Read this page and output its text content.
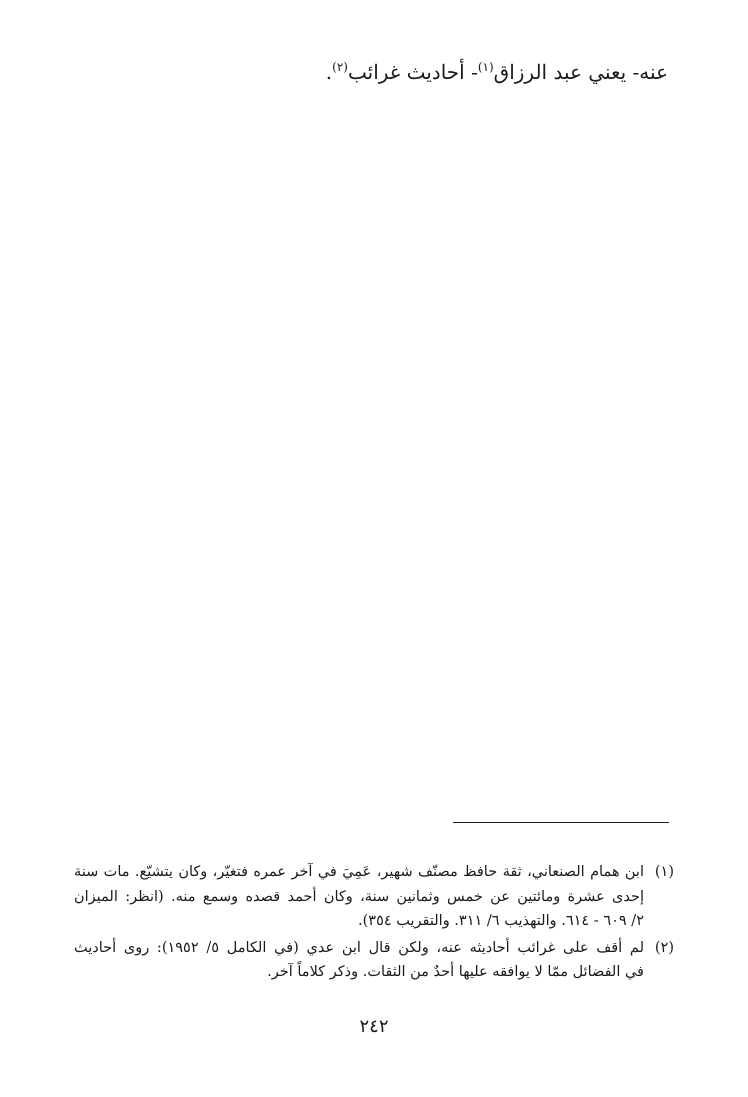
عنه- يعني عبد الرزاق$^{(١)}$- أحاديث غرائب$^{(٢)}$.
(١)
ابن همام الصنعاني، ثقة حافظ مصنّف شهير، عَمِيَ في آخر عمره فتغيّر، وكان يتشيّع. مات سنة
إحدى عشرة ومائتين عن خمس وثمانين سنة، وكان أحمد قصده وسمع منه. (انظر: الميزان
٢/ ٦٠٩ - ٦١٤. والتهذيب ٦/ ٣١١. والتقريب ٣٥٤).
(٢)
لم أقف على غرائب أحاديثه عنه، ولكن قال ابن عدي (في الكامل ٥/ ١٩٥٢): روى أحاديث
في الفضائل ممّا لا يوافقه عليها أحدٌ من الثقات. وذكر كلاماً آخر.
٢٤٢
